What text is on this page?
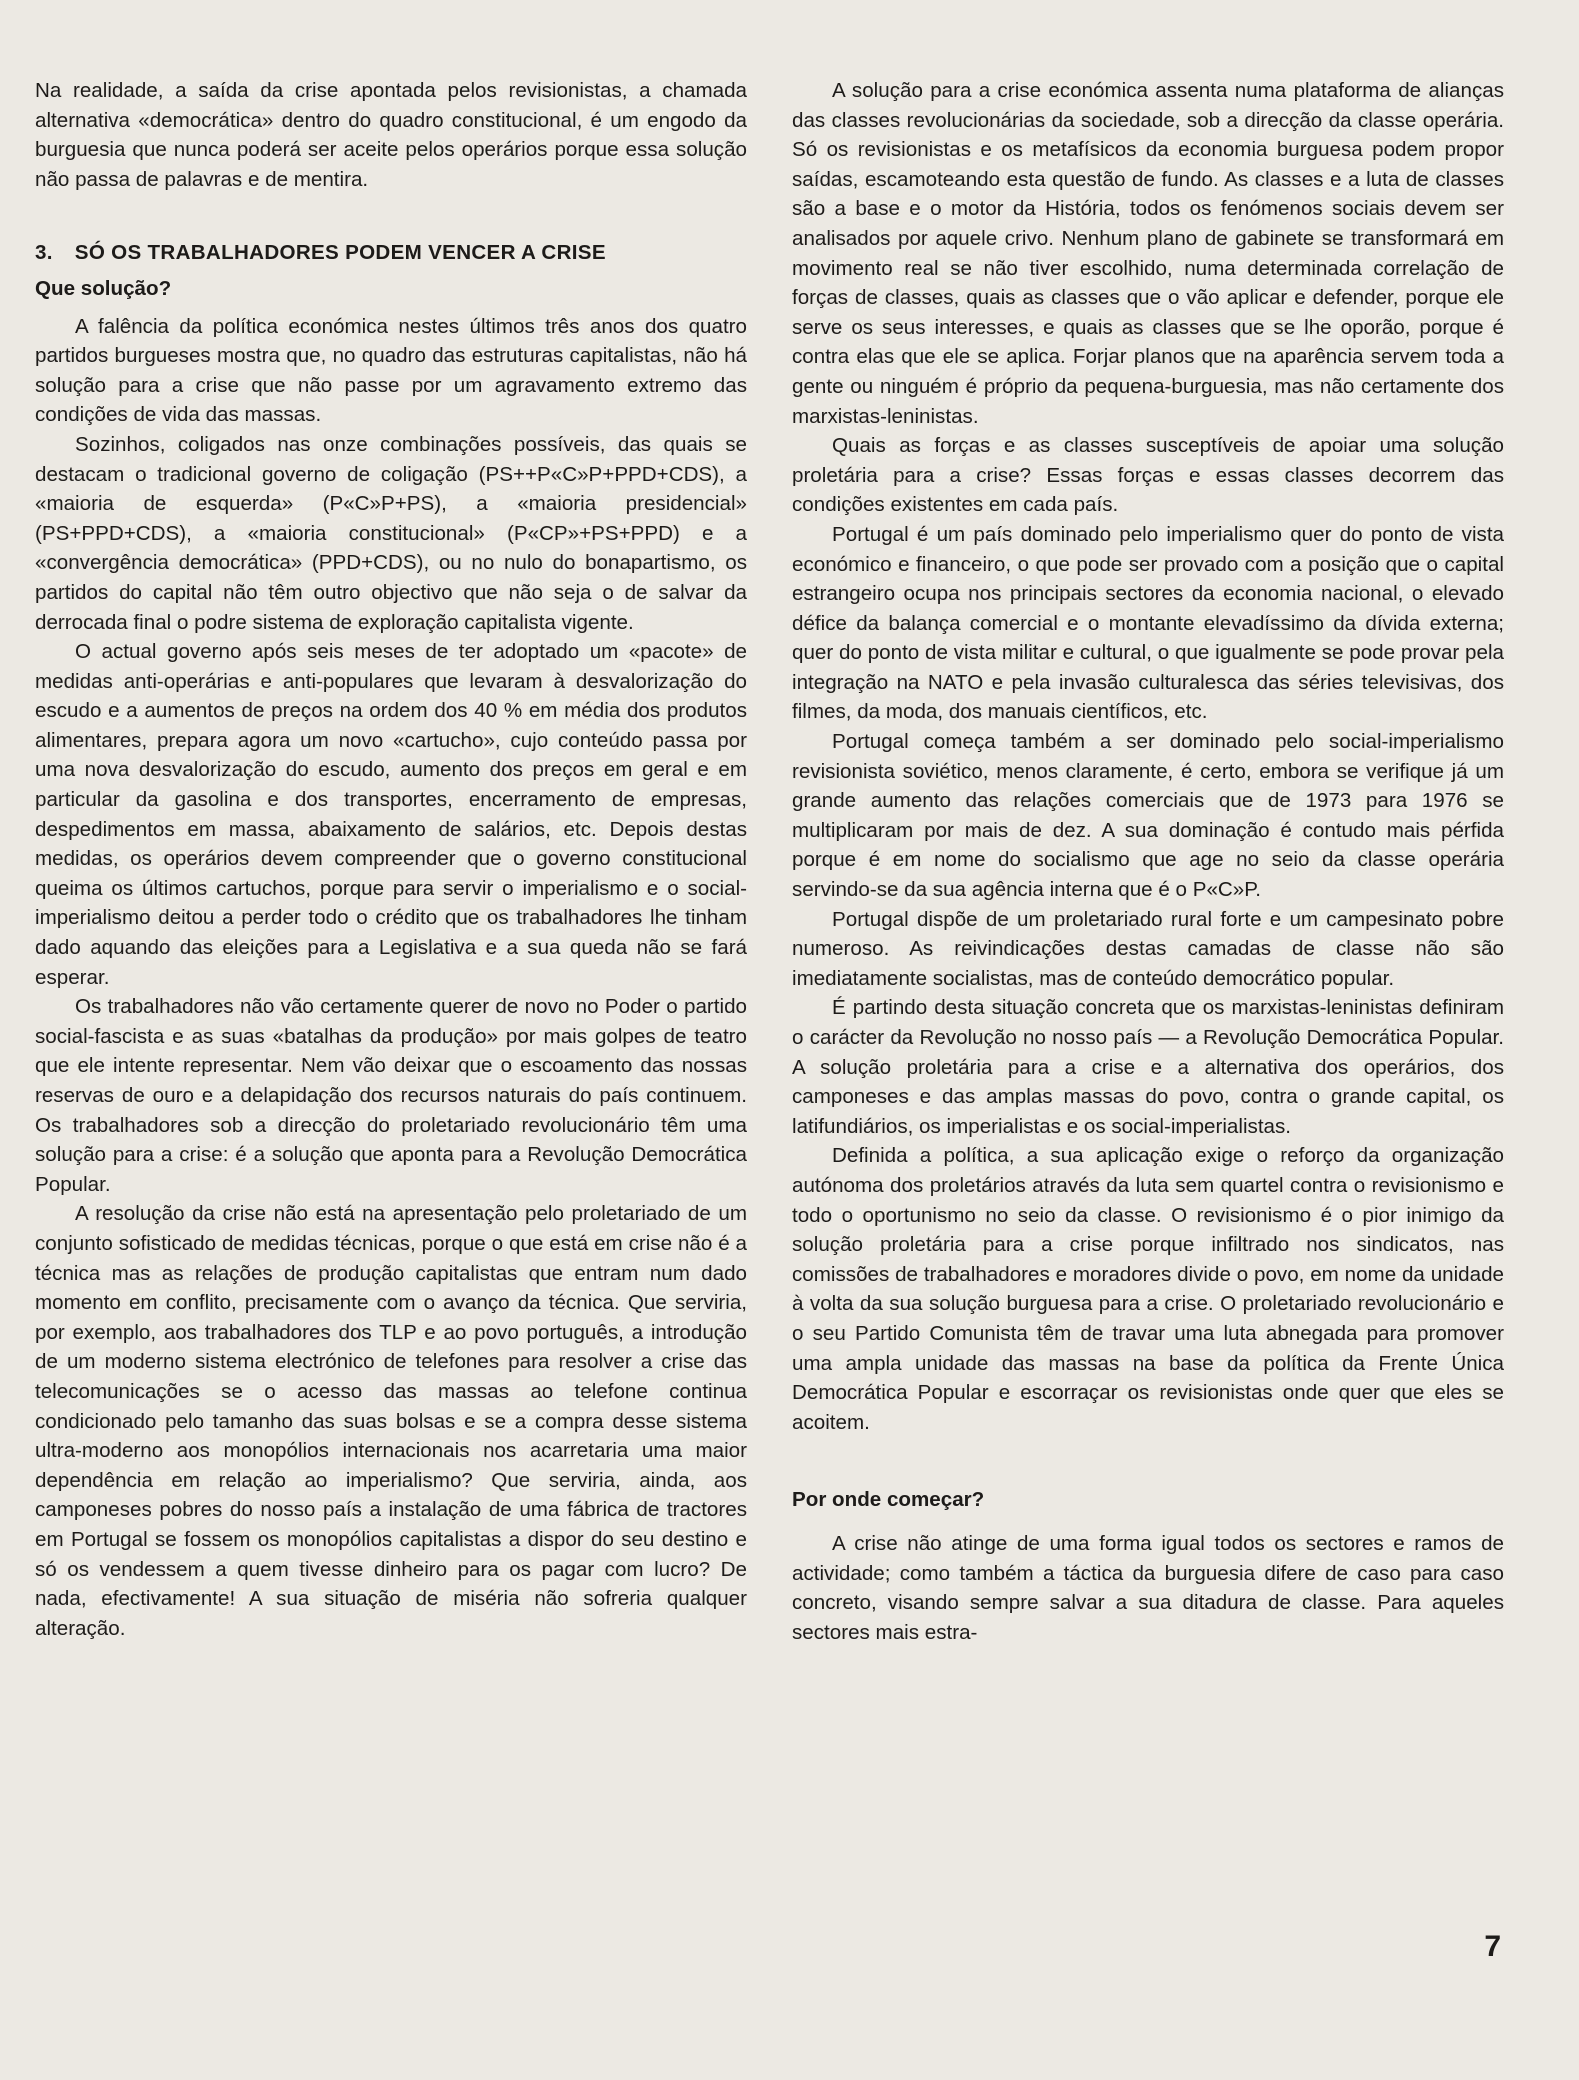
Na realidade, a saída da crise apontada pelos revisionistas, a chamada alternativa «democrática» dentro do quadro constitucional, é um engodo da burguesia que nunca poderá ser aceite pelos operários porque essa solução não passa de palavras e de mentira.

3. SÓ OS TRABALHADORES PODEM VENCER A CRISE
Que solução?

A falência da política económica nestes últimos três anos dos quatro partidos burgueses mostra que, no quadro das estruturas capitalistas, não há solução para a crise que não passe por um agravamento extremo das condições de vida das massas.

Sozinhos, coligados nas onze combinações possíveis, das quais se destacam o tradicional governo de coligação (PS++P«C»P+PPD+CDS), a «maioria de esquerda» (P«C»P+PS), a «maioria presidencial» (PS+PPD+CDS), a «maioria constitucional» (P«CP»+PS+PPD) e a «convergência democrática» (PPD+CDS), ou no nulo do bonapartismo, os partidos do capital não têm outro objectivo que não seja o de salvar da derrocada final o podre sistema de exploração capitalista vigente.

O actual governo após seis meses de ter adoptado um «pacote» de medidas anti-operárias e anti-populares que levaram à desvalorização do escudo e a aumentos de preços na ordem dos 40 % em média dos produtos alimentares, prepara agora um novo «cartucho», cujo conteúdo passa por uma nova desvalorização do escudo, aumento dos preços em geral e em particular da gasolina e dos transportes, encerramento de empresas, despedimentos em massa, abaixamento de salários, etc. Depois destas medidas, os operários devem compreender que o governo constitucional queima os últimos cartuchos, porque para servir o imperialismo e o social-imperialismo deitou a perder todo o crédito que os trabalhadores lhe tinham dado aquando das eleições para a Legislativa e a sua queda não se fará esperar.

Os trabalhadores não vão certamente querer de novo no Poder o partido social-fascista e as suas «batalhas da produção» por mais golpes de teatro que ele intente representar. Nem vão deixar que o escoamento das nossas reservas de ouro e a delapidação dos recursos naturais do país continuem. Os trabalhadores sob a direcção do proletariado revolucionário têm uma solução para a crise: é a solução que aponta para a Revolução Democrática Popular.

A resolução da crise não está na apresentação pelo proletariado de um conjunto sofisticado de medidas técnicas, porque o que está em crise não é a técnica mas as relações de produção capitalistas que entram num dado momento em conflito, precisamente com o avanço da técnica. Que serviria, por exemplo, aos trabalhadores dos TLP e ao povo português, a introdução de um moderno sistema electrónico de telefones para resolver a crise das telecomunicações se o acesso das massas ao telefone continua condicionado pelo tamanho das suas bolsas e se a compra desse sistema ultra-moderno aos monopólios internacionais nos acarretaria uma maior dependência em relação ao imperialismo? Que serviria, ainda, aos camponeses pobres do nosso país a instalação de uma fábrica de tractores em Portugal se fossem os monopólios capitalistas a dispor do seu destino e só os vendessem a quem tivesse dinheiro para os pagar com lucro? De nada, efectivamente! A sua situação de miséria não sofreria qualquer alteração.

A solução para a crise económica assenta numa plataforma de alianças das classes revolucionárias da sociedade, sob a direcção da classe operária. Só os revisionistas e os metafísicos da economia burguesa podem propor saídas, escamoteando esta questão de fundo. As classes e a luta de classes são a base e o motor da História, todos os fenómenos sociais devem ser analisados por aquele crivo. Nenhum plano de gabinete se transformará em movimento real se não tiver escolhido, numa determinada correlação de forças de classes, quais as classes que o vão aplicar e defender, porque ele serve os seus interesses, e quais as classes que se lhe oporão, porque é contra elas que ele se aplica. Forjar planos que na aparência servem toda a gente ou ninguém é próprio da pequena-burguesia, mas não certamente dos marxistas-leninistas.

Quais as forças e as classes susceptíveis de apoiar uma solução proletária para a crise? Essas forças e essas classes decorrem das condições existentes em cada país.

Portugal é um país dominado pelo imperialismo quer do ponto de vista económico e financeiro, o que pode ser provado com a posição que o capital estrangeiro ocupa nos principais sectores da economia nacional, o elevado défice da balança comercial e o montante elevadíssimo da dívida externa; quer do ponto de vista militar e cultural, o que igualmente se pode provar pela integração na NATO e pela invasão culturalesca das séries televisivas, dos filmes, da moda, dos manuais científicos, etc.

Portugal começa também a ser dominado pelo social-imperialismo revisionista soviético, menos claramente, é certo, embora se verifique já um grande aumento das relações comerciais que de 1973 para 1976 se multiplicaram por mais de dez. A sua dominação é contudo mais pérfida porque é em nome do socialismo que age no seio da classe operária servindo-se da sua agência interna que é o P«C»P.

Portugal dispõe de um proletariado rural forte e um campesinato pobre numeroso. As reivindicações destas camadas de classe não são imediatamente socialistas, mas de conteúdo democrático popular.

É partindo desta situação concreta que os marxistas-leninistas definiram o carácter da Revolução no nosso país — a Revolução Democrática Popular. A solução proletária para a crise e a alternativa dos operários, dos camponeses e das amplas massas do povo, contra o grande capital, os latifundiários, os imperialistas e os social-imperialistas.

Definida a política, a sua aplicação exige o reforço da organização autónoma dos proletários através da luta sem quartel contra o revisionismo e todo o oportunismo no seio da classe. O revisionismo é o pior inimigo da solução proletária para a crise porque infiltrado nos sindicatos, nas comissões de trabalhadores e moradores divide o povo, em nome da unidade à volta da sua solução burguesa para a crise. O proletariado revolucionário e o seu Partido Comunista têm de travar uma luta abnegada para promover uma ampla unidade das massas na base da política da Frente Única Democrática Popular e escorraçar os revisionistas onde quer que eles se acoitem.

Por onde começar?

A crise não atinge de uma forma igual todos os sectores e ramos de actividade; como também a táctica da burguesia difere de caso para caso concreto, visando sempre salvar a sua ditadura de classe. Para aqueles sectores mais estra-

7
